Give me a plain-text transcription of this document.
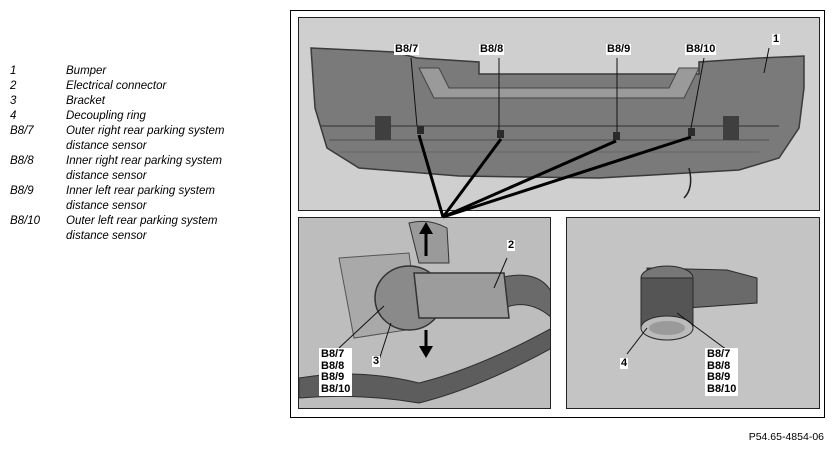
1	Bumper
2	Electrical connector
3	Bracket
4	Decoupling ring
B8/7	Outer right rear parking system distance sensor
B8/8	Inner right rear parking system distance sensor
B8/9	Inner left rear parking system distance sensor
B8/10	Outer left rear parking system distance sensor
B8/7	B8/8	B8/9	B8/10
1
2
3
B8/7
B8/8
B8/9
B8/10
4
B8/7
B8/8
B8/9
B8/10
P54.65-4854-06
